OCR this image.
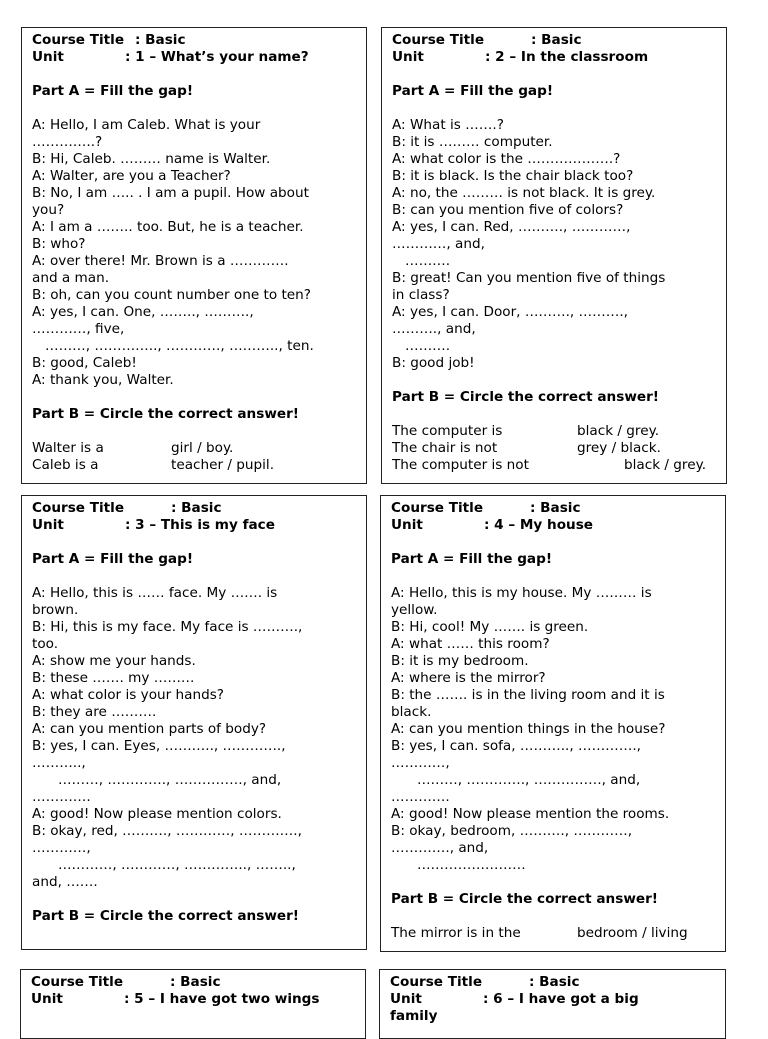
Course Title : Basic
Unit	: 1 – What’s your name?
Part A = Fill the gap!
A: Hello, I am Caleb. What is your
…………..?
B: Hi, Caleb. ……… name is Walter.
A: Walter, are you a Teacher?
B: No, I am ….. . I am a pupil. How about
you?
A: I am a …….. too. But, he is a teacher.
B: who?
A: over there! Mr. Brown is a ………….
and a man.
B: oh, can you count number one to ten?
A: yes, I can. One, …….., ……….,
…………, five,
………, ………….., …………, ……….., ten.
B: good, Caleb!
A: thank you, Walter.
Part B = Circle the correct answer!
Walter is a	girl / boy.
Caleb is a	teacher / pupil.
Course Title	: Basic
Unit	: 2 – In the classroom
Part A = Fill the gap!
A: What is …….?
B: it is ……… computer.
A: what color is the ……………….?
B: it is black. Is the chair black too?
A: no, the ……… is not black. It is grey.
B: can you mention five of colors?
A: yes, I can. Red, ………., …………,
…………, and,
……….
B: great! Can you mention five of things
in class?
A: yes, I can. Door, ………., ……….,
………., and,
……….
B: good job!
Part B = Circle the correct answer!
The computer is	black / grey.
The chair is not	grey / black.
The computer is not	black / grey.
Course Title	: Basic
Unit	: 3 – This is my face
Part A = Fill the gap!
A: Hello, this is …… face. My ……. is
brown.
B: Hi, this is my face. My face is ……….,
too.
A: show me your hands.
B: these ……. my ………
A: what color is your hands?
B: they are ……….
A: can you mention parts of body?
B: yes, I can. Eyes, ……….., ………….,
………..,
………, …………., ……………, and,
………….
A: good! Now please mention colors.
B: okay, red, ………., …………, ………….,
…………,
…………, …………, ………….., ……..,
and, …….
Part B = Circle the correct answer!
Course Title	: Basic
Unit	: 4 – My house
Part A = Fill the gap!
A: Hello, this is my house. My ……… is
yellow.
B: Hi, cool! My ……. is green.
A: what …… this room?
B: it is my bedroom.
A: where is the mirror?
B: the ……. is in the living room and it is
black.
A: can you mention things in the house?
B: yes, I can. sofa, ……….., ………….,
…………,
………, …………., ……………, and,
………….
A: good! Now please mention the rooms.
B: okay, bedroom, ………., …………,
…………., and,
……………………
Part B = Circle the correct answer!
The mirror is in the	bedroom / living
Course Title	: Basic
Unit	: 5 – I have got two wings
Course Title	: Basic
Unit	: 6 – I have got a big
family
